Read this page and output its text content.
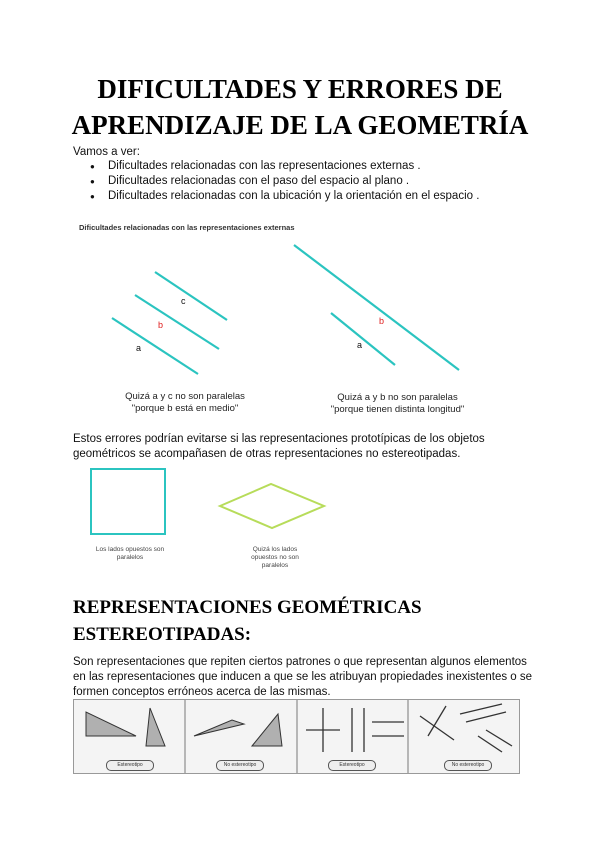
DIFICULTADES Y ERRORES DE
APRENDIZAJE DE LA GEOMETRÍA
Vamos a ver:
● Dificultades relacionadas con las representaciones externas .
● Dificultades relacionadas con el paso del espacio al plano .
● Dificultades relacionadas con la ubicación y la orientación en el espacio .
Dificultades relacionadas con las representaciones externas
a
b
c
a
b
Quizá a y c no son paralelas
"porque b está en medio"
Quizá a y b no son paralelas
"porque tienen distinta longitud"
Estos errores podrían evitarse si las representaciones prototípicas de los objetos geométricos se acompañasen de otras representaciones no estereotipadas.
Los lados opuestos son paralelos
Quizá los lados opuestos no son paralelos
REPRESENTACIONES GEOMÉTRICAS
ESTEREOTIPADAS:
Son representaciones que repiten ciertos patrones o que representan algunos elementos en las representaciones que inducen a que se les atribuyan propiedades inexistentes o se formen conceptos erróneos acerca de las mismas.
Estereotipo	No estereotipo	Estereotipo	No estereotipo
